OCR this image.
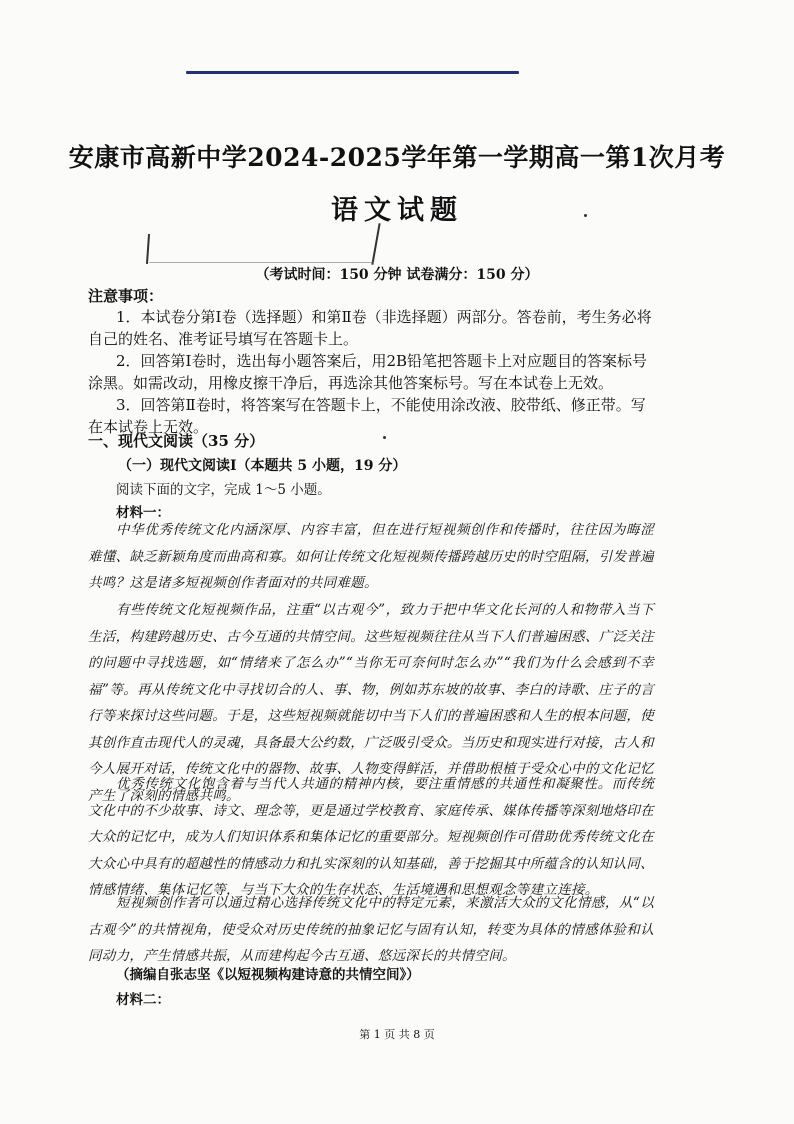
安康市高新中学2024-2025学年第一学期高一第1次月考
语文试题
（考试时间：150 分钟 试卷满分：150 分）
注意事项：
1．本试卷分第Ⅰ卷（选择题）和第Ⅱ卷（非选择题）两部分。答卷前，考生务必将自己的姓名、准考证号填写在答题卡上。
2．回答第Ⅰ卷时，选出每小题答案后，用2B铅笔把答题卡上对应题目的答案标号涂黑。如需改动，用橡皮擦干净后，再选涂其他答案标号。写在本试卷上无效。
3．回答第Ⅱ卷时，将答案写在答题卡上，不能使用涂改液、胶带纸、修正带。写在本试卷上无效。
一、现代文阅读（35 分）
（一）现代文阅读Ⅰ（本题共 5 小题，19 分）
阅读下面的文字，完成 1～5 小题。
材料一：
中华优秀传统文化内涵深厚、内容丰富，但在进行短视频创作和传播时，往往因为晦涩难懂、缺乏新颖角度而曲高和寡。如何让传统文化短视频传播跨越历史的时空阻隔，引发普遍共鸣？这是诸多短视频创作者面对的共同难题。
有些传统文化短视频作品，注重“以古观今”，致力于把中华文化长河的人和物带入当下生活，构建跨越历史、古今互通的共情空间。这些短视频往往从当下人们普遍困惑、广泛关注的问题中寻找选题，如“情绪来了怎么办”“当你无可奈何时怎么办”“我们为什么会感到不幸福”等。再从传统文化中寻找切合的人、事、物，例如苏东坡的故事、李白的诗歌、庄子的言行等来探讨这些问题。于是，这些短视频就能切中当下人们的普遍困惑和人生的根本问题，使其创作直击现代人的灵魂，具备最大公约数，广泛吸引受众。当历史和现实进行对接，古人和今人展开对话，传统文化中的器物、故事、人物变得鲜活，并借助根植于受众心中的文化记忆产生了深刻的情感共鸣。
优秀传统文化饱含着与当代人共通的精神内核，要注重情感的共通性和凝聚性。而传统文化中的不少故事、诗文、理念等，更是通过学校教育、家庭传承、媒体传播等深刻地烙印在大众的记忆中，成为人们知识体系和集体记忆的重要部分。短视频创作可借助优秀传统文化在大众心中具有的超越性的情感动力和扎实深刻的认知基础，善于挖掘其中所蕴含的认知认同、情感情绪、集体记忆等，与当下大众的生存状态、生活境遇和思想观念等建立连接。
短视频创作者可以通过精心选择传统文化中的特定元素，来激活大众的文化情感，从“以古观今”的共情视角，使受众对历史传统的抽象记忆与固有认知，转变为具体的情感体验和认同动力，产生情感共振，从而建构起今古互通、悠远深长的共情空间。
（摘编自张志坚《以短视频构建诗意的共情空间》）
材料二：
第 1 页 共 8 页
